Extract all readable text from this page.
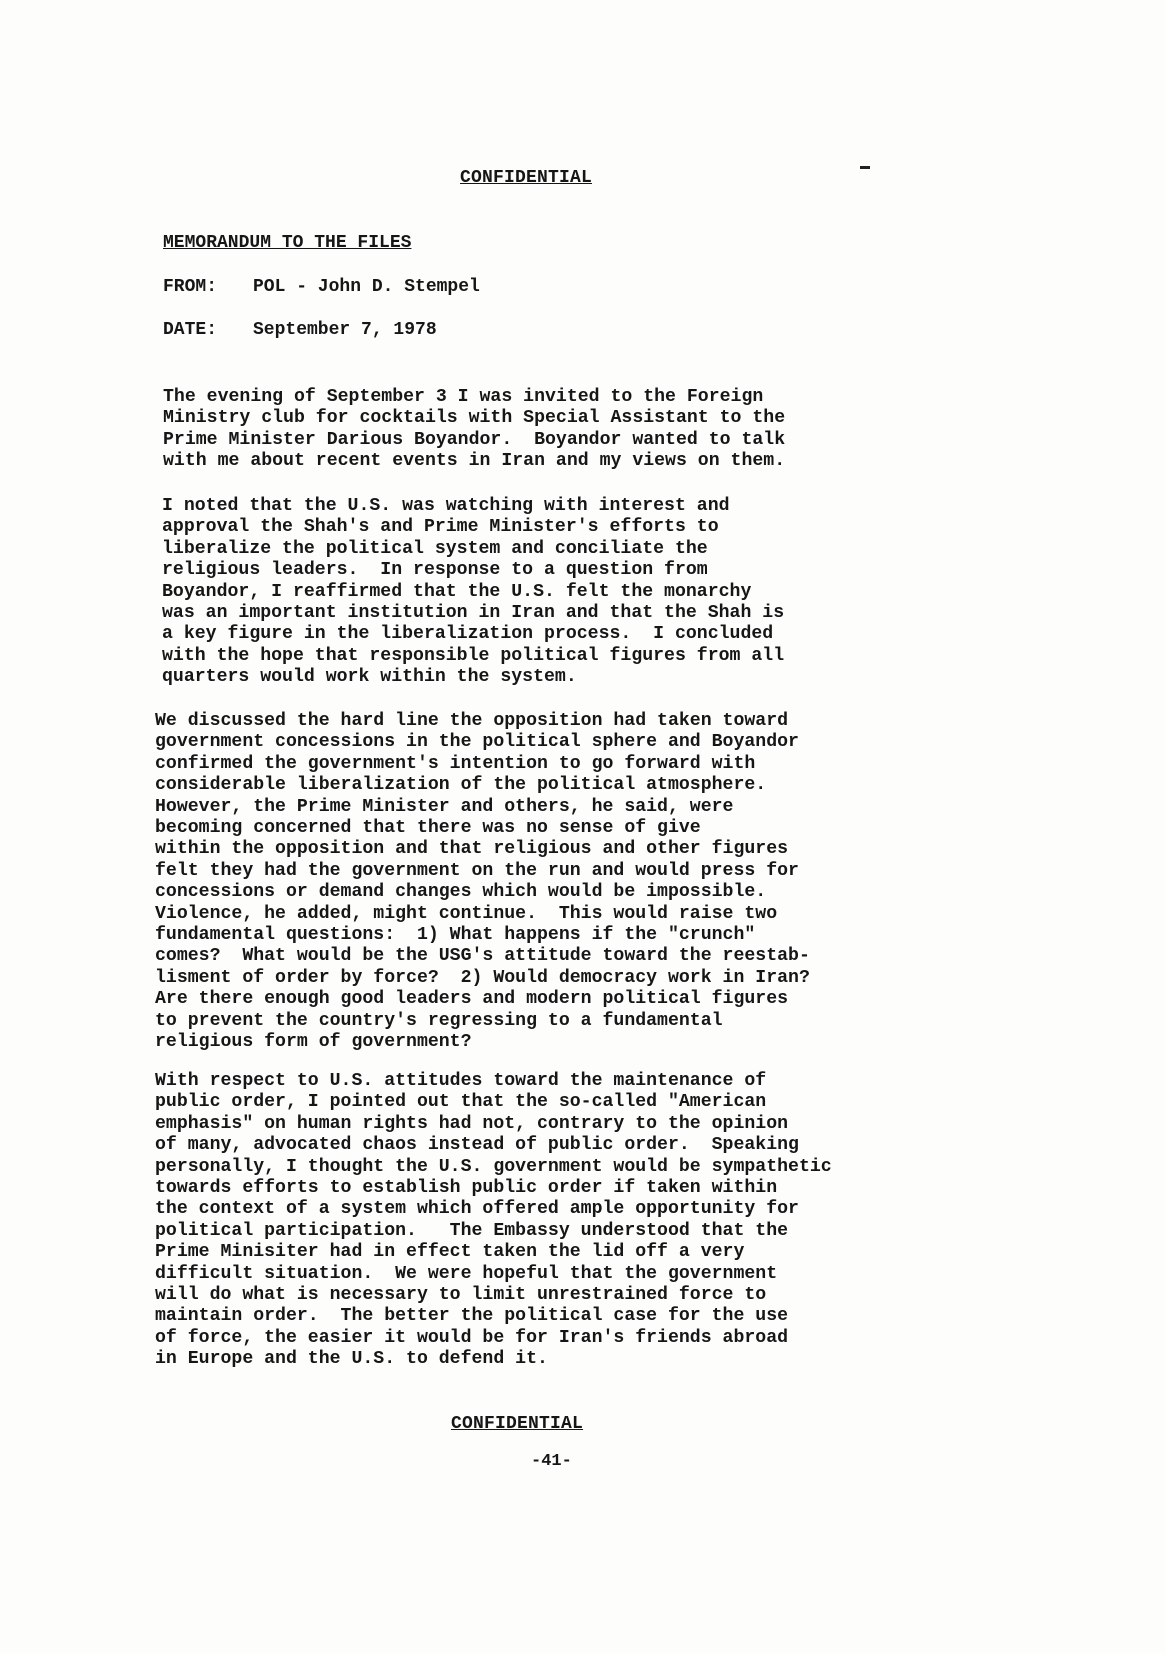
CONFIDENTIAL
MEMORANDUM TO THE FILES
FROM: POL - John D. Stempel
DATE: September 7, 1978

The evening of September 3 I was invited to the Foreign
Ministry club for cocktails with Special Assistant to the
Prime Minister Darious Boyandor.  Boyandor wanted to talk
with me about recent events in Iran and my views on them.

I noted that the U.S. was watching with interest and
approval the Shah's and Prime Minister's efforts to
liberalize the political system and conciliate the
religious leaders.  In response to a question from
Boyandor, I reaffirmed that the U.S. felt the monarchy
was an important institution in Iran and that the Shah is
a key figure in the liberalization process.  I concluded
with the hope that responsible political figures from all
quarters would work within the system.

We discussed the hard line the opposition had taken toward
government concessions in the political sphere and Boyandor
confirmed the government's intention to go forward with
considerable liberalization of the political atmosphere.
However, the Prime Minister and others, he said, were
becoming concerned that there was no sense of give
within the opposition and that religious and other figures
felt they had the government on the run and would press for
concessions or demand changes which would be impossible.
Violence, he added, might continue.  This would raise two
fundamental questions:  1) What happens if the "crunch"
comes?  What would be the USG's attitude toward the reestab-
lisment of order by force?  2) Would democracy work in Iran?
Are there enough good leaders and modern political figures
to prevent the country's regressing to a fundamental
religious form of government?

With respect to U.S. attitudes toward the maintenance of
public order, I pointed out that the so-called "American
emphasis" on human rights had not, contrary to the opinion
of many, advocated chaos instead of public order.  Speaking
personally, I thought the U.S. government would be sympathetic
towards efforts to establish public order if taken within
the context of a system which offered ample opportunity for
political participation.   The Embassy understood that the
Prime Minisiter had in effect taken the lid off a very
difficult situation.  We were hopeful that the government
will do what is necessary to limit unrestrained force to
maintain order.  The better the political case for the use
of force, the easier it would be for Iran's friends abroad
in Europe and the U.S. to defend it.

CONFIDENTIAL
-41-
